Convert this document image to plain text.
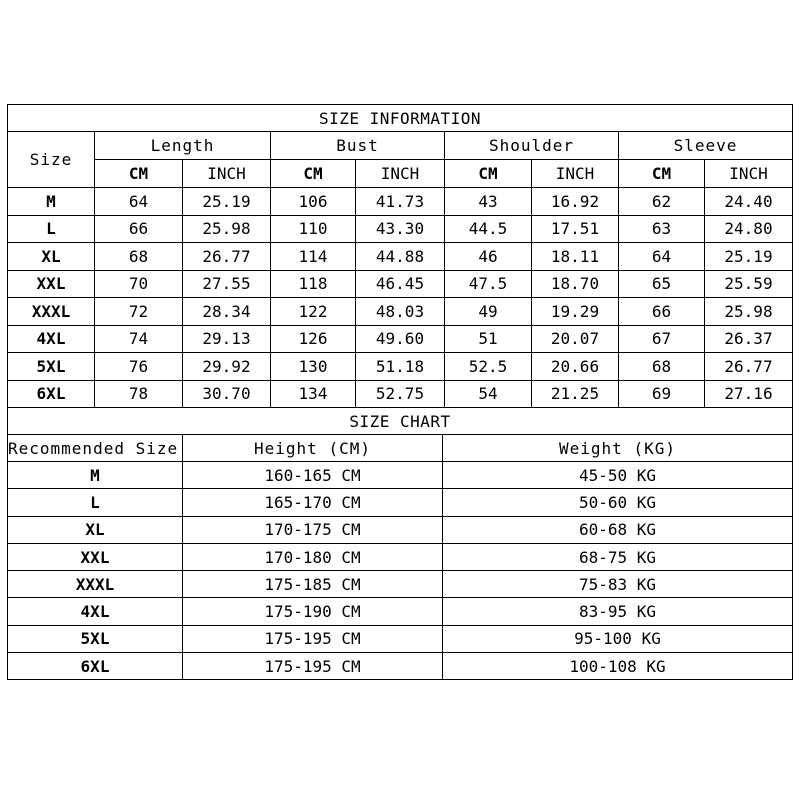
SIZE INFORMATION								
Size	Length		Bust		Shoulder		Sleeve	
	CM	INCH	CM	INCH	CM	INCH	CM	INCH
M	64	25.19	106	41.73	43	16.92	62	24.40
L	66	25.98	110	43.30	44.5	17.51	63	24.80
XL	68	26.77	114	44.88	46	18.11	64	25.19
XXL	70	27.55	118	46.45	47.5	18.70	65	25.59
XXXL	72	28.34	122	48.03	49	19.29	66	25.98
4XL	74	29.13	126	49.60	51	20.07	67	26.37
5XL	76	29.92	130	51.18	52.5	20.66	68	26.77
6XL	78	30.70	134	52.75	54	21.25	69	27.16
SIZE CHART								
Recommended Size	Height (CM)	Weight (KG)
M	160-165 CM	45-50 KG
L	165-170 CM	50-60 KG
XL	170-175 CM	60-68 KG
XXL	170-180 CM	68-75 KG
XXXL	175-185 CM	75-83 KG
4XL	175-190 CM	83-95 KG
5XL	175-195 CM	95-100 KG
6XL	175-195 CM	100-108 KG
